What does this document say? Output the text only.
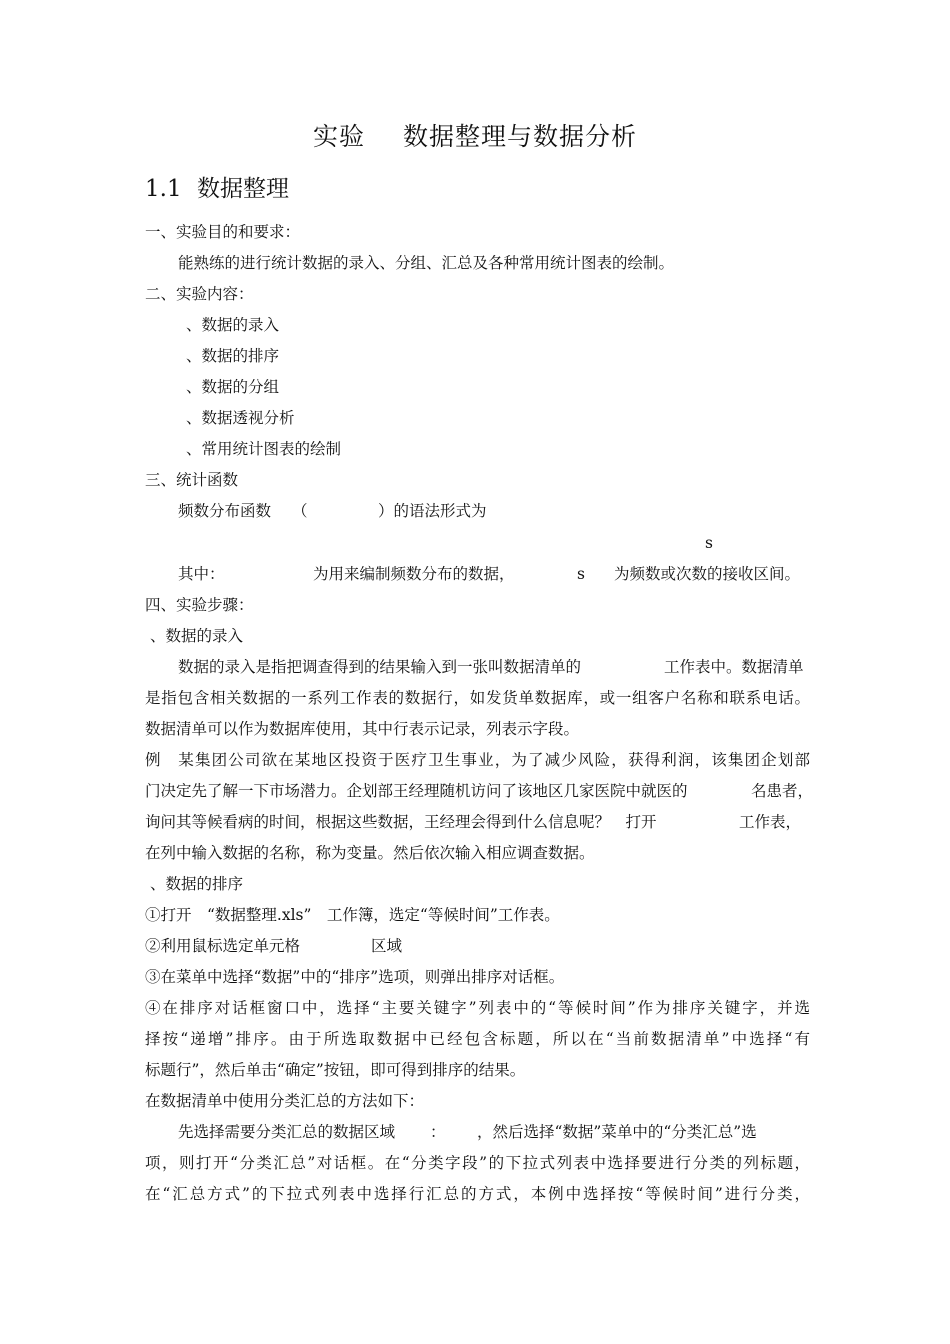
实验 数据整理与数据分析
1.1 数据整理
一、实验目的和要求：
能熟练的进行统计数据的录入、分组、汇总及各种常用统计图表的绘制。
二、实验内容：
、数据的录入
、数据的排序
、数据的分组
、数据透视分析
、常用统计图表的绘制
三、统计函数
频数分布函数 （	）的语法形式为
s
其中：	为用来编制频数分布的数据，	s 为频数或次数的接收区间。
四、实验步骤：
、数据的录入
数据的录入是指把调查得到的结果输入到一张叫数据清单的	工作表中。数据清单
是指包含相关数据的一系列工作表的数据行，如发货单数据库，或一组客户名称和联系电话。
数据清单可以作为数据库使用，其中行表示记录，列表示字段。
例　某集团公司欲在某地区投资于医疗卫生事业，为了减少风险，获得利润，该集团企划部
门决定先了解一下市场潜力。企划部王经理随机访问了该地区几家医院中就医的	名患者，
询问其等候看病的时间，根据这些数据，王经理会得到什么信息呢？　打开	工作表，
在列中输入数据的名称，称为变量。然后依次输入相应调查数据。
、数据的排序
①打开　“数据整理.xls”　工作簿，选定“等候时间”工作表。
②利用鼠标选定单元格	区域
③在菜单中选择“数据”中的“排序”选项，则弹出排序对话框。
④在排序对话框窗口中，选择“主要关键字”列表中的“等候时间”作为排序关键字，并选
择按“递增”排序。由于所选取数据中已经包含标题，所以在“当前数据清单”中选择“有
标题行”，然后单击“确定”按钮，即可得到排序的结果。
在数据清单中使用分类汇总的方法如下：
先选择需要分类汇总的数据区域 ： ，然后选择“数据”菜单中的“分类汇总”选
项，则打开“分类汇总”对话框。在“分类字段”的下拉式列表中选择要进行分类的列标题，
在“汇总方式”的下拉式列表中选择行汇总的方式，本例中选择按“等候时间”进行分类，
